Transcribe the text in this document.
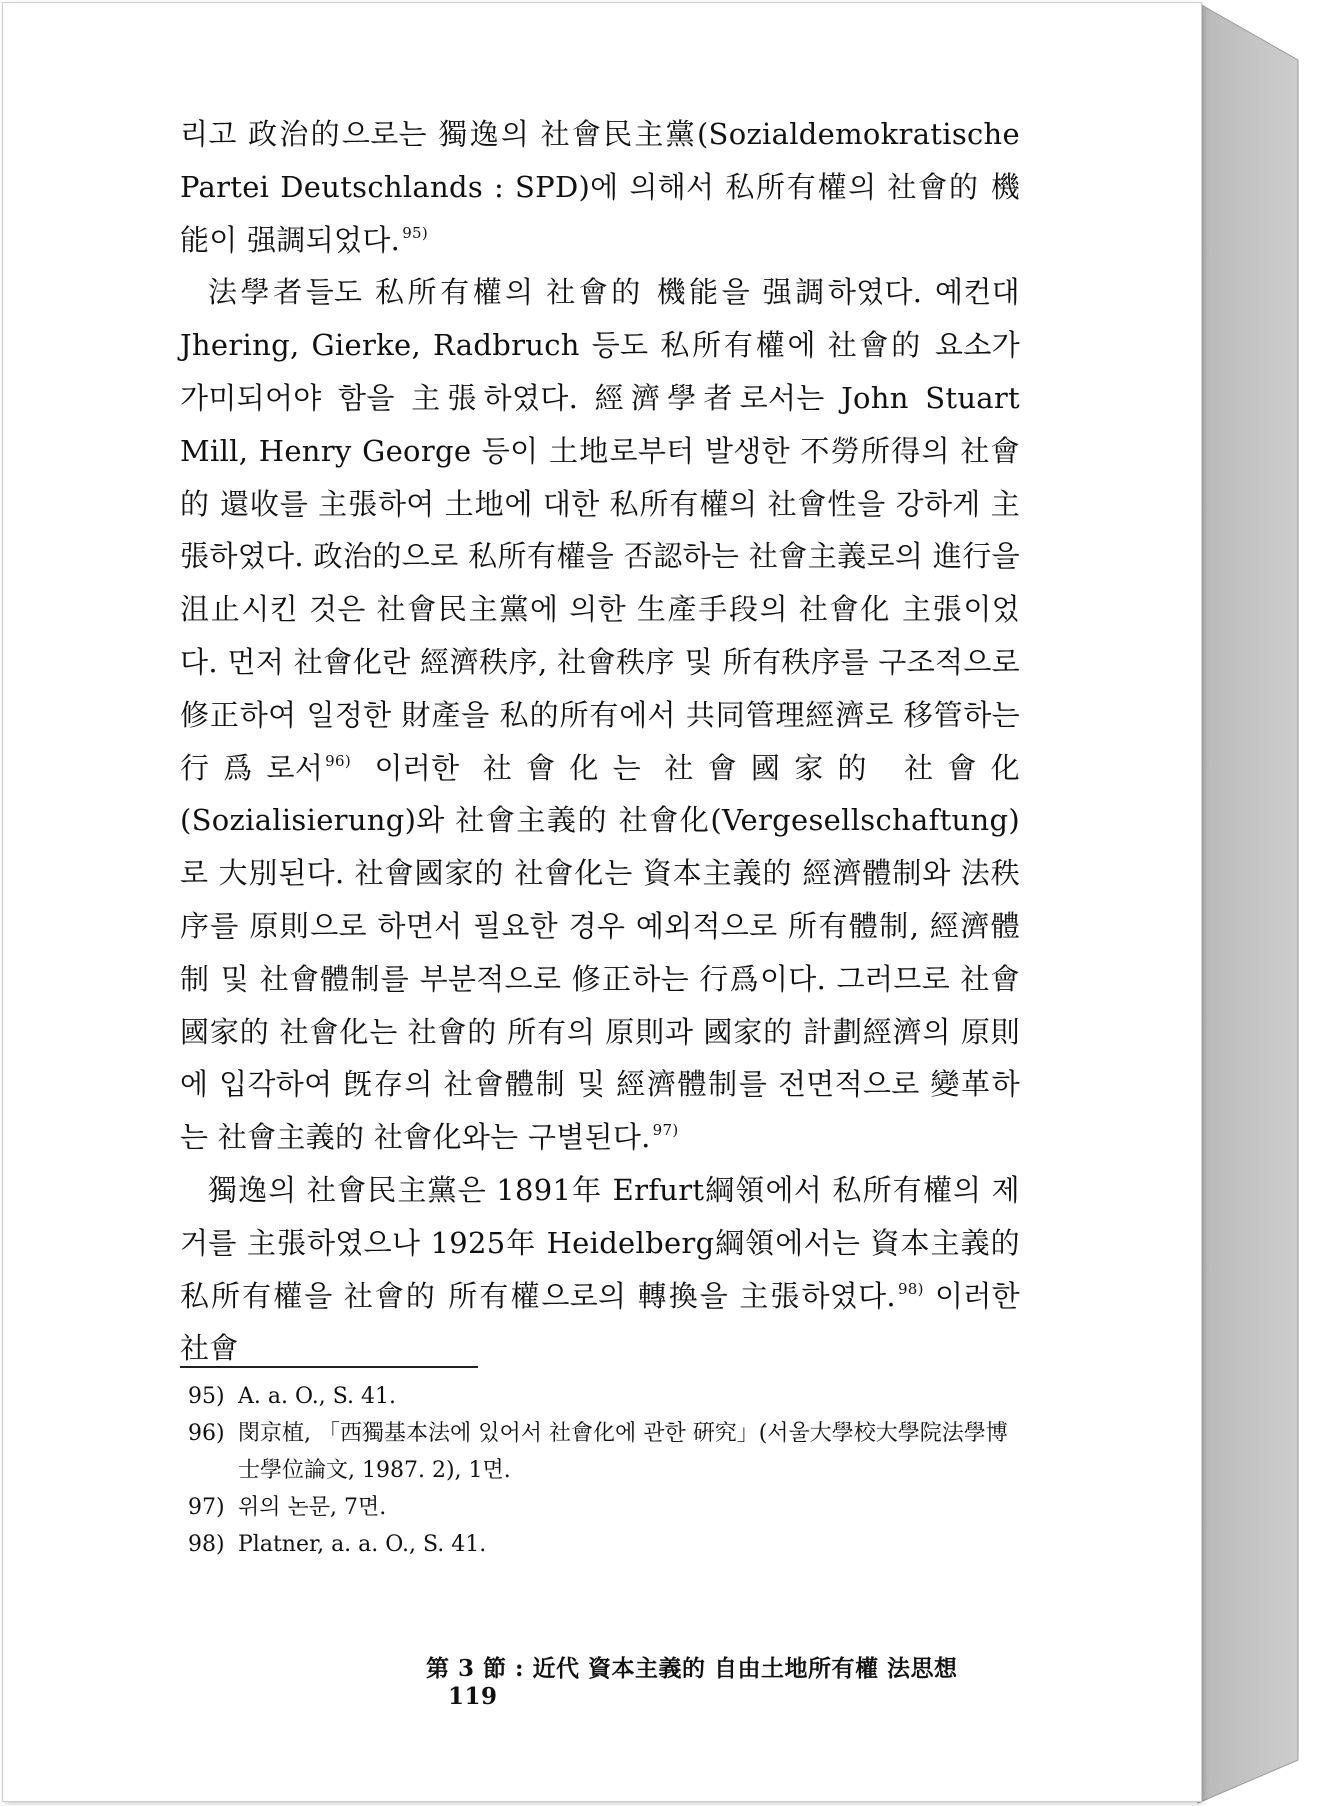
리고 政治的으로는 獨逸의 社會民主黨(Sozialdemokratische Partei Deutschlands : SPD)에 의해서 私所有權의 社會的 機能이 强調되었다. $^{95)}$

法學者들도 私所有權의 社會的 機能을 强調하였다. 예컨대 Jhering, Gierke, Radbruch 등도 私所有權에 社會的 요소가 가미되어야 함을 主張하였다. 經濟學者로서는 John Stuart Mill, Henry George 등이 土地로부터 발생한 不勞所得의 社會的 還收를 主張하여 土地에 대한 私所有權의 社會性을 강하게 主張하였다. 政治的으로 私所有權을 否認하는 社會主義로의 進行을 沮止시킨 것은 社會民主黨에 의한 生產手段의 社會化 主張이었다. 먼저 社會化란 經濟秩序, 社會秩序 및 所有秩序를 구조적으로 修正하여 일정한 財產을 私的所有에서 共同管理經濟로 移管하는 行爲로서 $^{96)}$ 이러한 社會化는 社會國家的 社會化(Sozialisierung)와 社會主義的 社會化(Vergesellschaftung)로 大別된다. 社會國家的 社會化는 資本主義的 經濟體制와 法秩序를 原則으로 하면서 필요한 경우 예외적으로 所有體制, 經濟體制 및 社會體制를 부분적으로 修正하는 行爲이다. 그러므로 社會國家的 社會化는 社會的 所有의 原則과 國家的 計劃經濟의 原則에 입각하여 旣存의 社會體制 및 經濟體制를 전면적으로 變革하는 社會主義的 社會化와는 구별된다. $^{97)}$

獨逸의 社會民主黨은 1891年 Erfurt綱領에서 私所有權의 제거를 主張하였으나 1925年 Heidelberg綱領에서는 資本主義的 私所有權을 社會的 所有權으로의 轉換을 主張하였다. $^{98)}$ 이러한 社會

95) A. a. O., S. 41.
96) 閔京植, 「西獨基本法에 있어서 社會化에 관한 硏究」(서울大學校大學院法學博士學位論文, 1987. 2), 1면.
97) 위의 논문, 7면.
98) Platner, a. a. O., S. 41.
第 3 節 : 近代 資本主義的 自由土地所有權 法思想119
